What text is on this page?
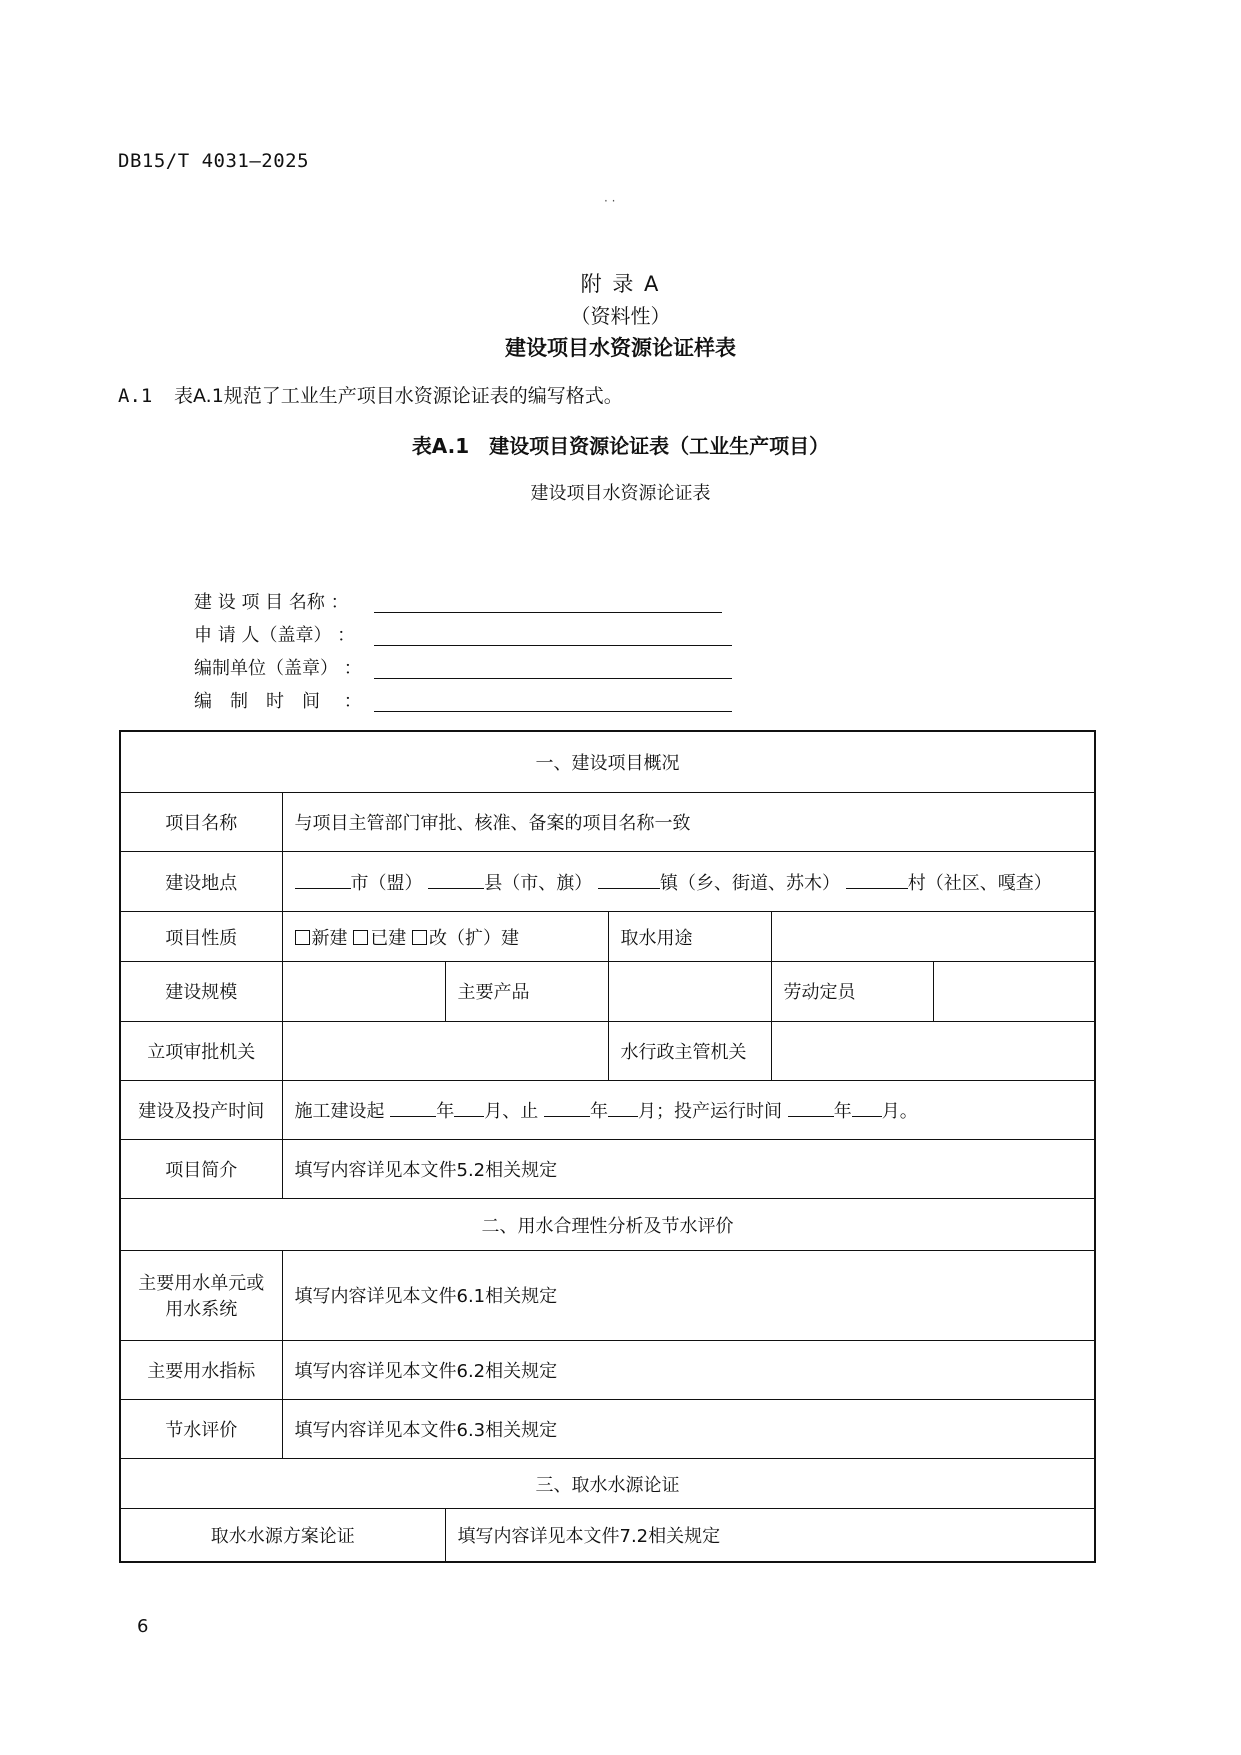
DB15/T 4031—2025
· ·
附 录 A
（资料性）
建设项目水资源论证样表
A.1 表A.1规范了工业生产项目水资源论证表的编写格式。
表A.1　建设项目资源论证表（工业生产项目）
建设项目水资源论证表
建 设 项 目 名称 ：
申 请 人（盖章） ：
编制单位（盖章） ：
编　制　时　间　 ：
一、建设项目概况					
项目名称	与项目主管部门审批、核准、备案的项目名称一致				
建设地点	市（盟） 县（市、旗） 镇（乡、街道、苏木） 村（社区、嘎查）				
项目性质	新建 已建 改（扩）建		取水用途		
建设规模		主要产品		劳动定员	
立项审批机关			水行政主管机关		
建设及投产时间	施工建设起 年 月、止 年 月；投产运行时间 年 月。				
项目简介	填写内容详见本文件5.2相关规定				
二、用水合理性分析及节水评价					

主要用水单元或
用水系统	填写内容详见本文件6.1相关规定				
主要用水指标	填写内容详见本文件6.2相关规定				
节水评价	填写内容详见本文件6.3相关规定				
三、取水水源论证					
取水水源方案论证		填写内容详见本文件7.2相关规定			
6
